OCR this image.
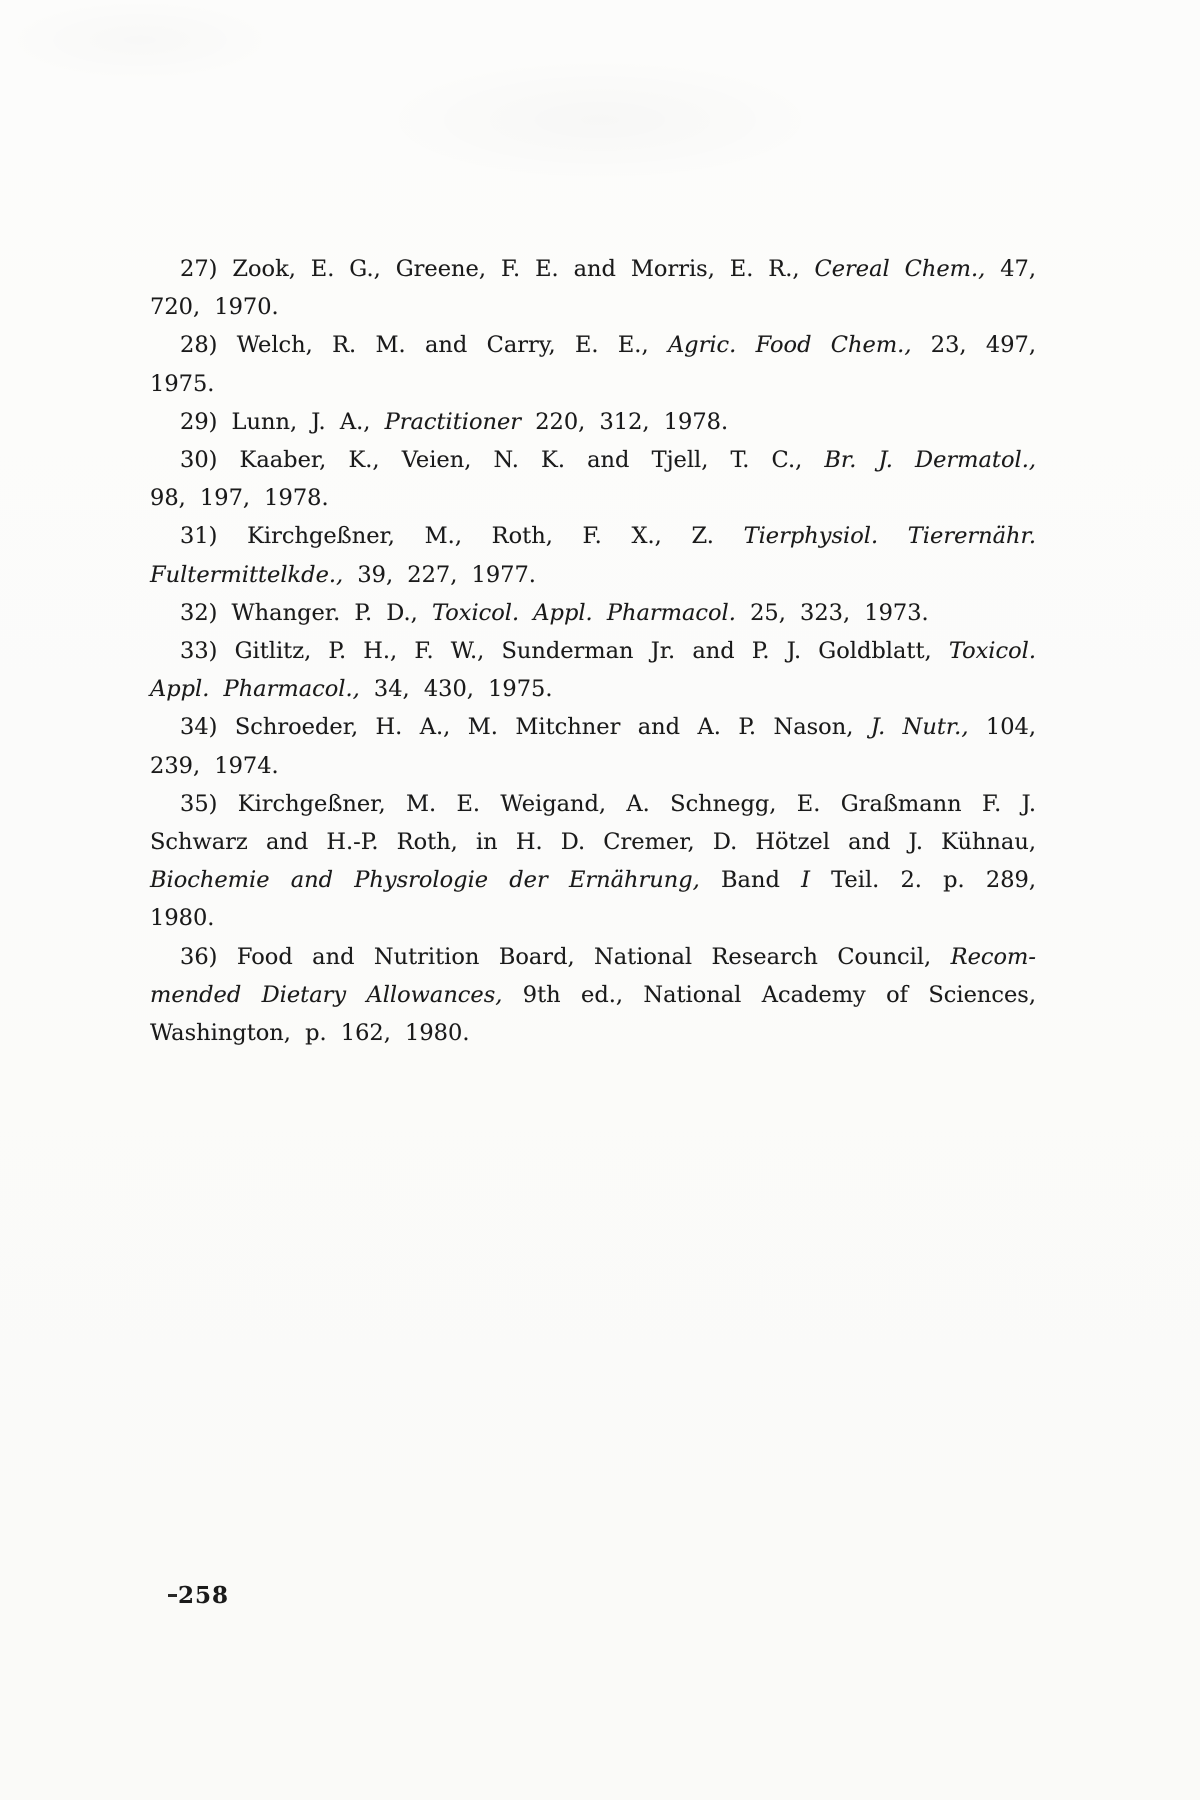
27) Zook, E. G., Greene, F. E. and Morris, E. R., Cereal Chem., 47,
720, 1970.
28) Welch, R. M. and Carry, E. E., Agric. Food Chem., 23, 497,
1975.
29) Lunn, J. A., Practitioner 220, 312, 1978.
30) Kaaber, K., Veien, N. K. and Tjell, T. C., Br. J. Dermatol.,
98, 197, 1978.
31) Kirchgeßner, M., Roth, F. X., Z. Tierphysiol. Tierernähr.
Fultermittelkde., 39, 227, 1977.
32) Whanger. P. D., Toxicol. Appl. Pharmacol. 25, 323, 1973.
33) Gitlitz, P. H., F. W., Sunderman Jr. and P. J. Goldblatt, Toxicol.
Appl. Pharmacol., 34, 430, 1975.
34) Schroeder, H. A., M. Mitchner and A. P. Nason, J. Nutr., 104,
239, 1974.
35) Kirchgeßner, M. E. Weigand, A. Schnegg, E. Graßmann F. J.
Schwarz and H.-P. Roth, in H. D. Cremer, D. Hötzel and J. Kühnau,
Biochemie and Physrologie der Ernährung, Band I Teil. 2. p. 289,
1980.
36) Food and Nutrition Board, National Research Council, Recom-
mended Dietary Allowances, 9th ed., National Academy of Sciences,
Washington, p. 162, 1980.
258
